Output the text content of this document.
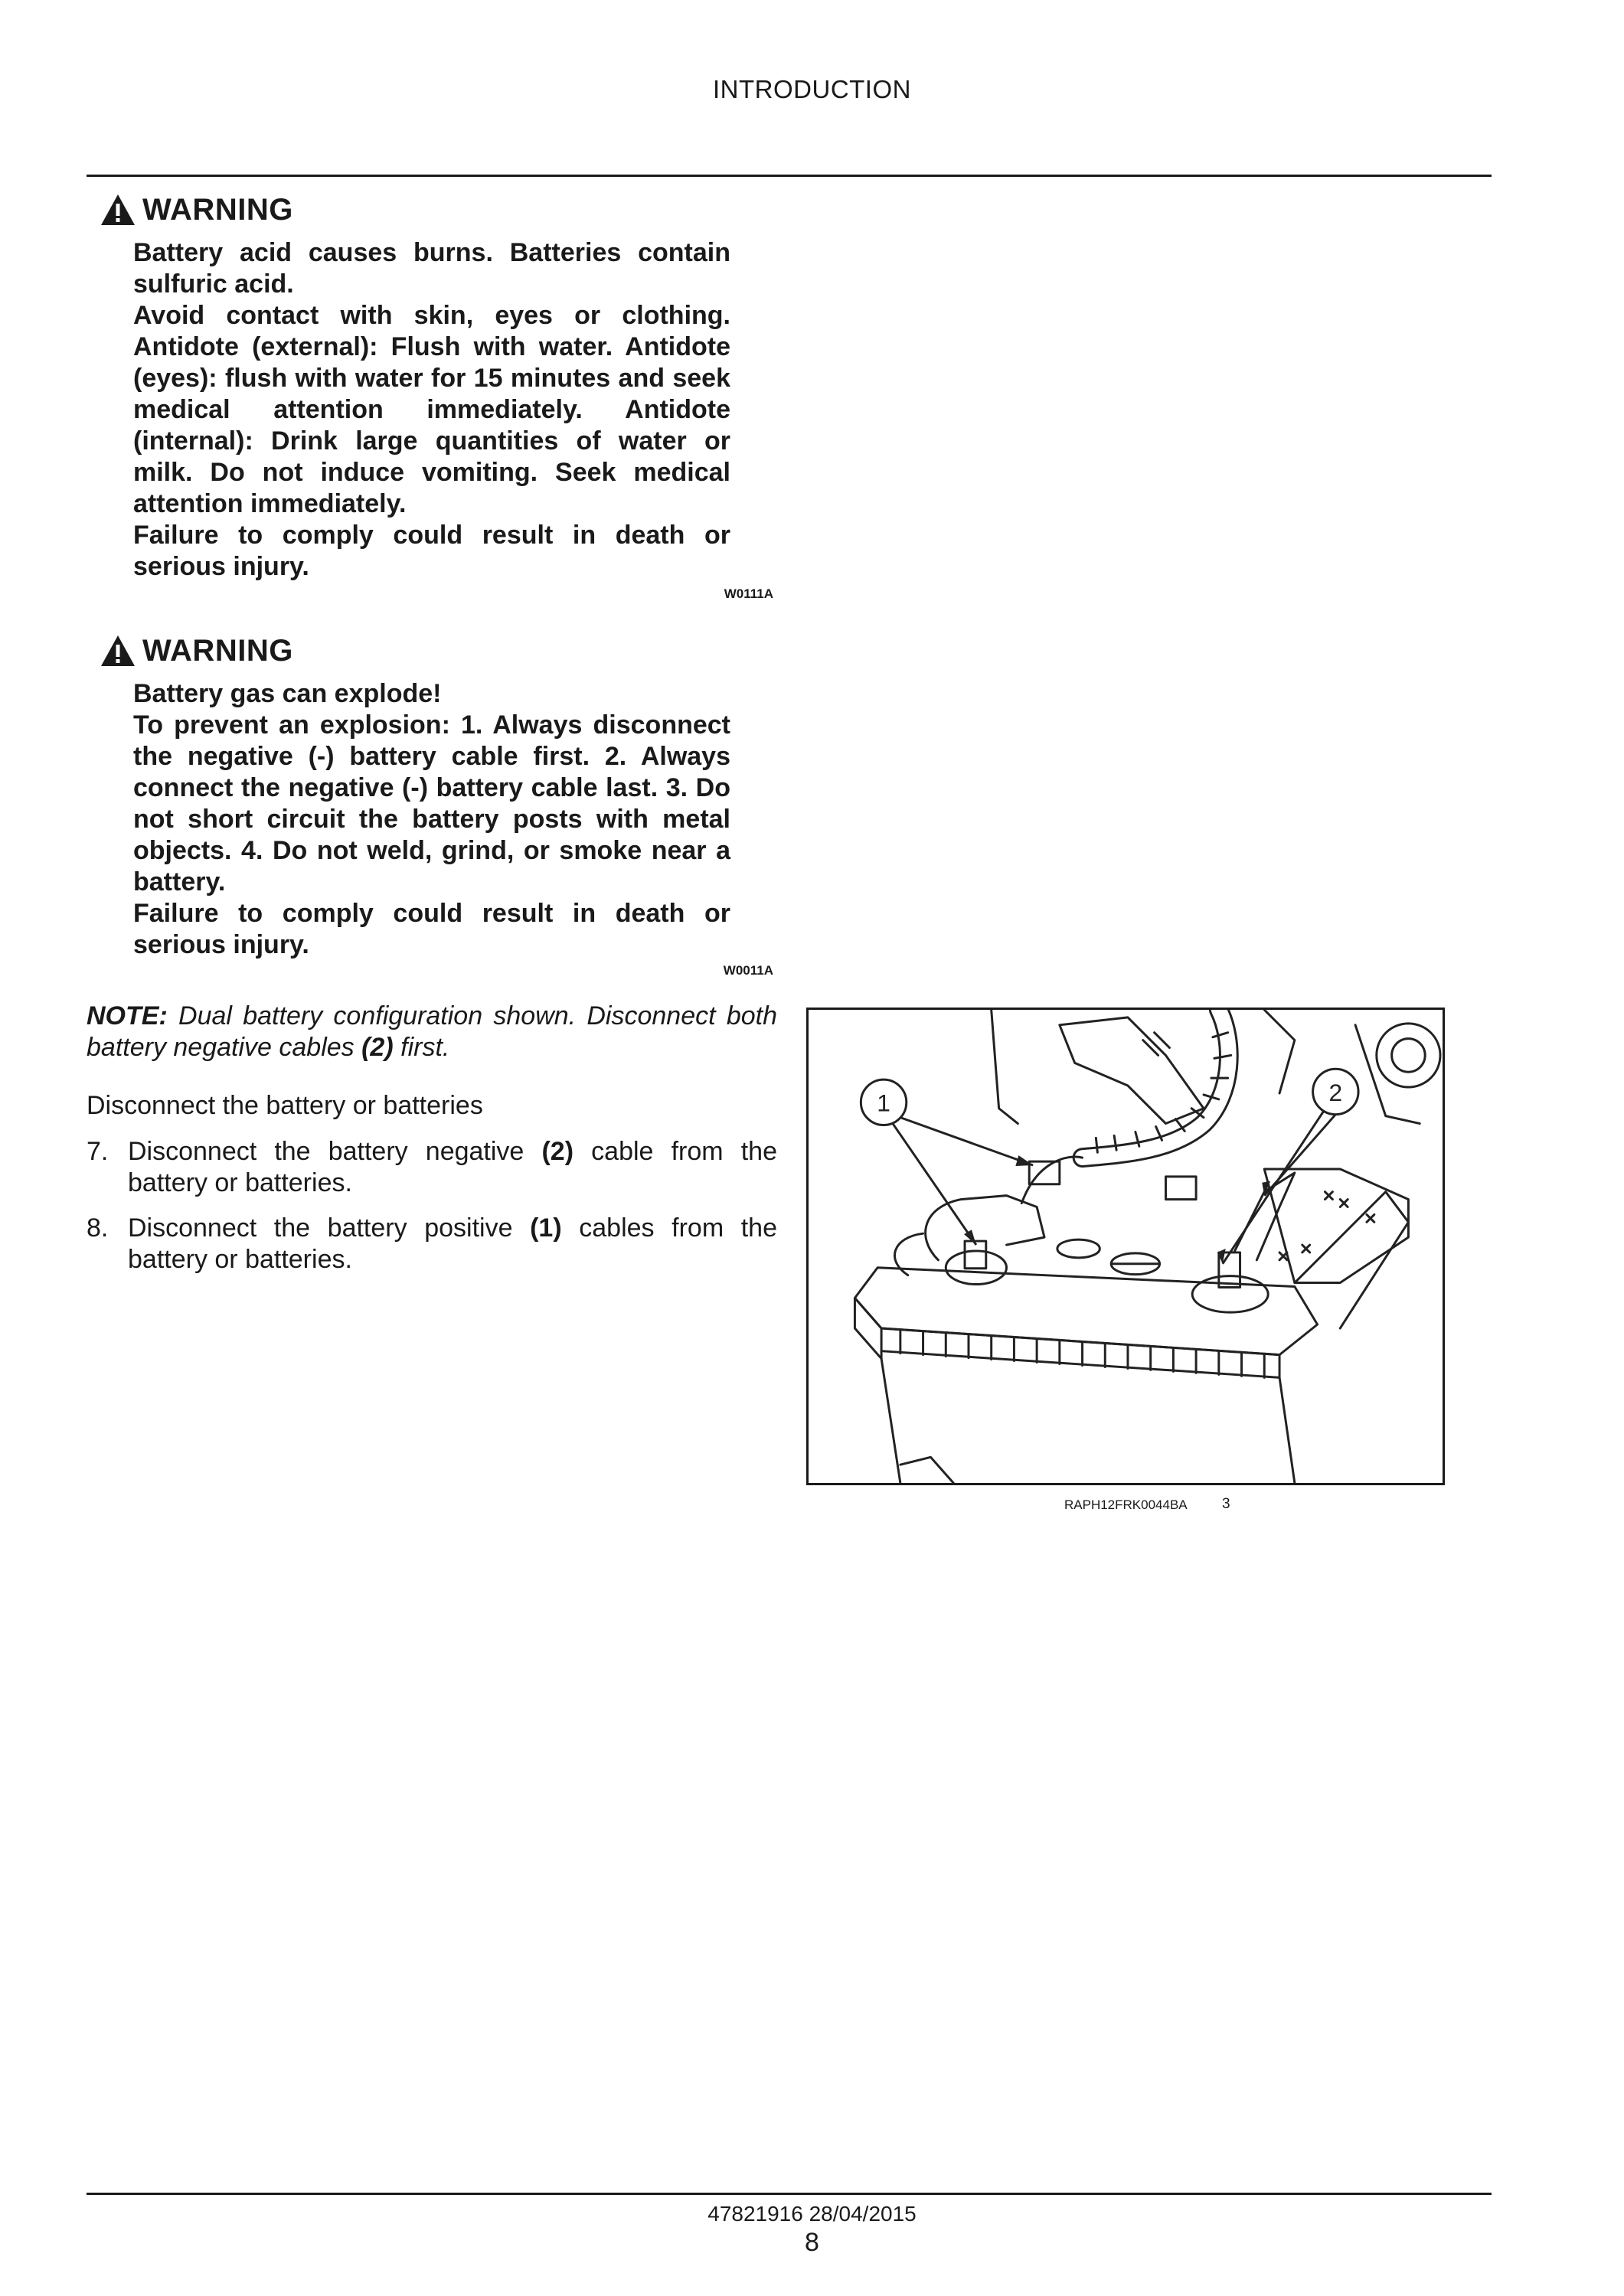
INTRODUCTION
WARNING

Battery acid causes burns. Batteries contain sulfuric acid.

Avoid contact with skin, eyes or clothing. Antidote (external): Flush with water. Antidote (eyes): flush with water for 15 minutes and seek medical attention immediately. Antidote (internal): Drink large quantities of water or milk. Do not induce vomiting. Seek medical attention immediately.

Failure to comply could result in death or serious injury.

W0111A
WARNING

Battery gas can explode!

To prevent an explosion: 1. Always disconnect the negative (-) battery cable first. 2. Always connect the negative (-) battery cable last. 3. Do not short circuit the battery posts with metal objects. 4. Do not weld, grind, or smoke near a battery.

Failure to comply could result in death or serious injury.

W0011A

NOTE: Dual battery configuration shown. Disconnect both battery negative cables (2) first.

Disconnect the battery or batteries

7. Disconnect the battery negative (2) cable from the battery or batteries.
8. Disconnect the battery positive (1) cables from the battery or batteries.
1	2
RAPH12FRK0044BA 3
47821916 28/04/2015
8
